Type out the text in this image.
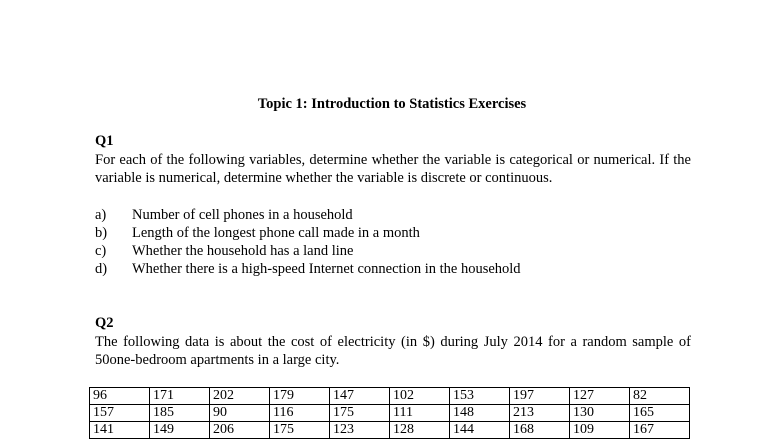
Topic 1: Introduction to Statistics Exercises
Q1
For each of the following variables, determine whether the variable is categorical or numerical. If the variable is numerical, determine whether the variable is discrete or continuous.
a) Number of cell phones in a household
b) Length of the longest phone call made in a month
c) Whether the household has a land line
d) Whether there is a high-speed Internet connection in the household
Q2
The following data is about the cost of electricity (in $) during July 2014 for a random sample of 50one-bedroom apartments in a large city.
96	171	202	179	147	102	153	197	127	82
157	185	90	116	175	111	148	213	130	165
141	149	206	175	123	128	144	168	109	167
